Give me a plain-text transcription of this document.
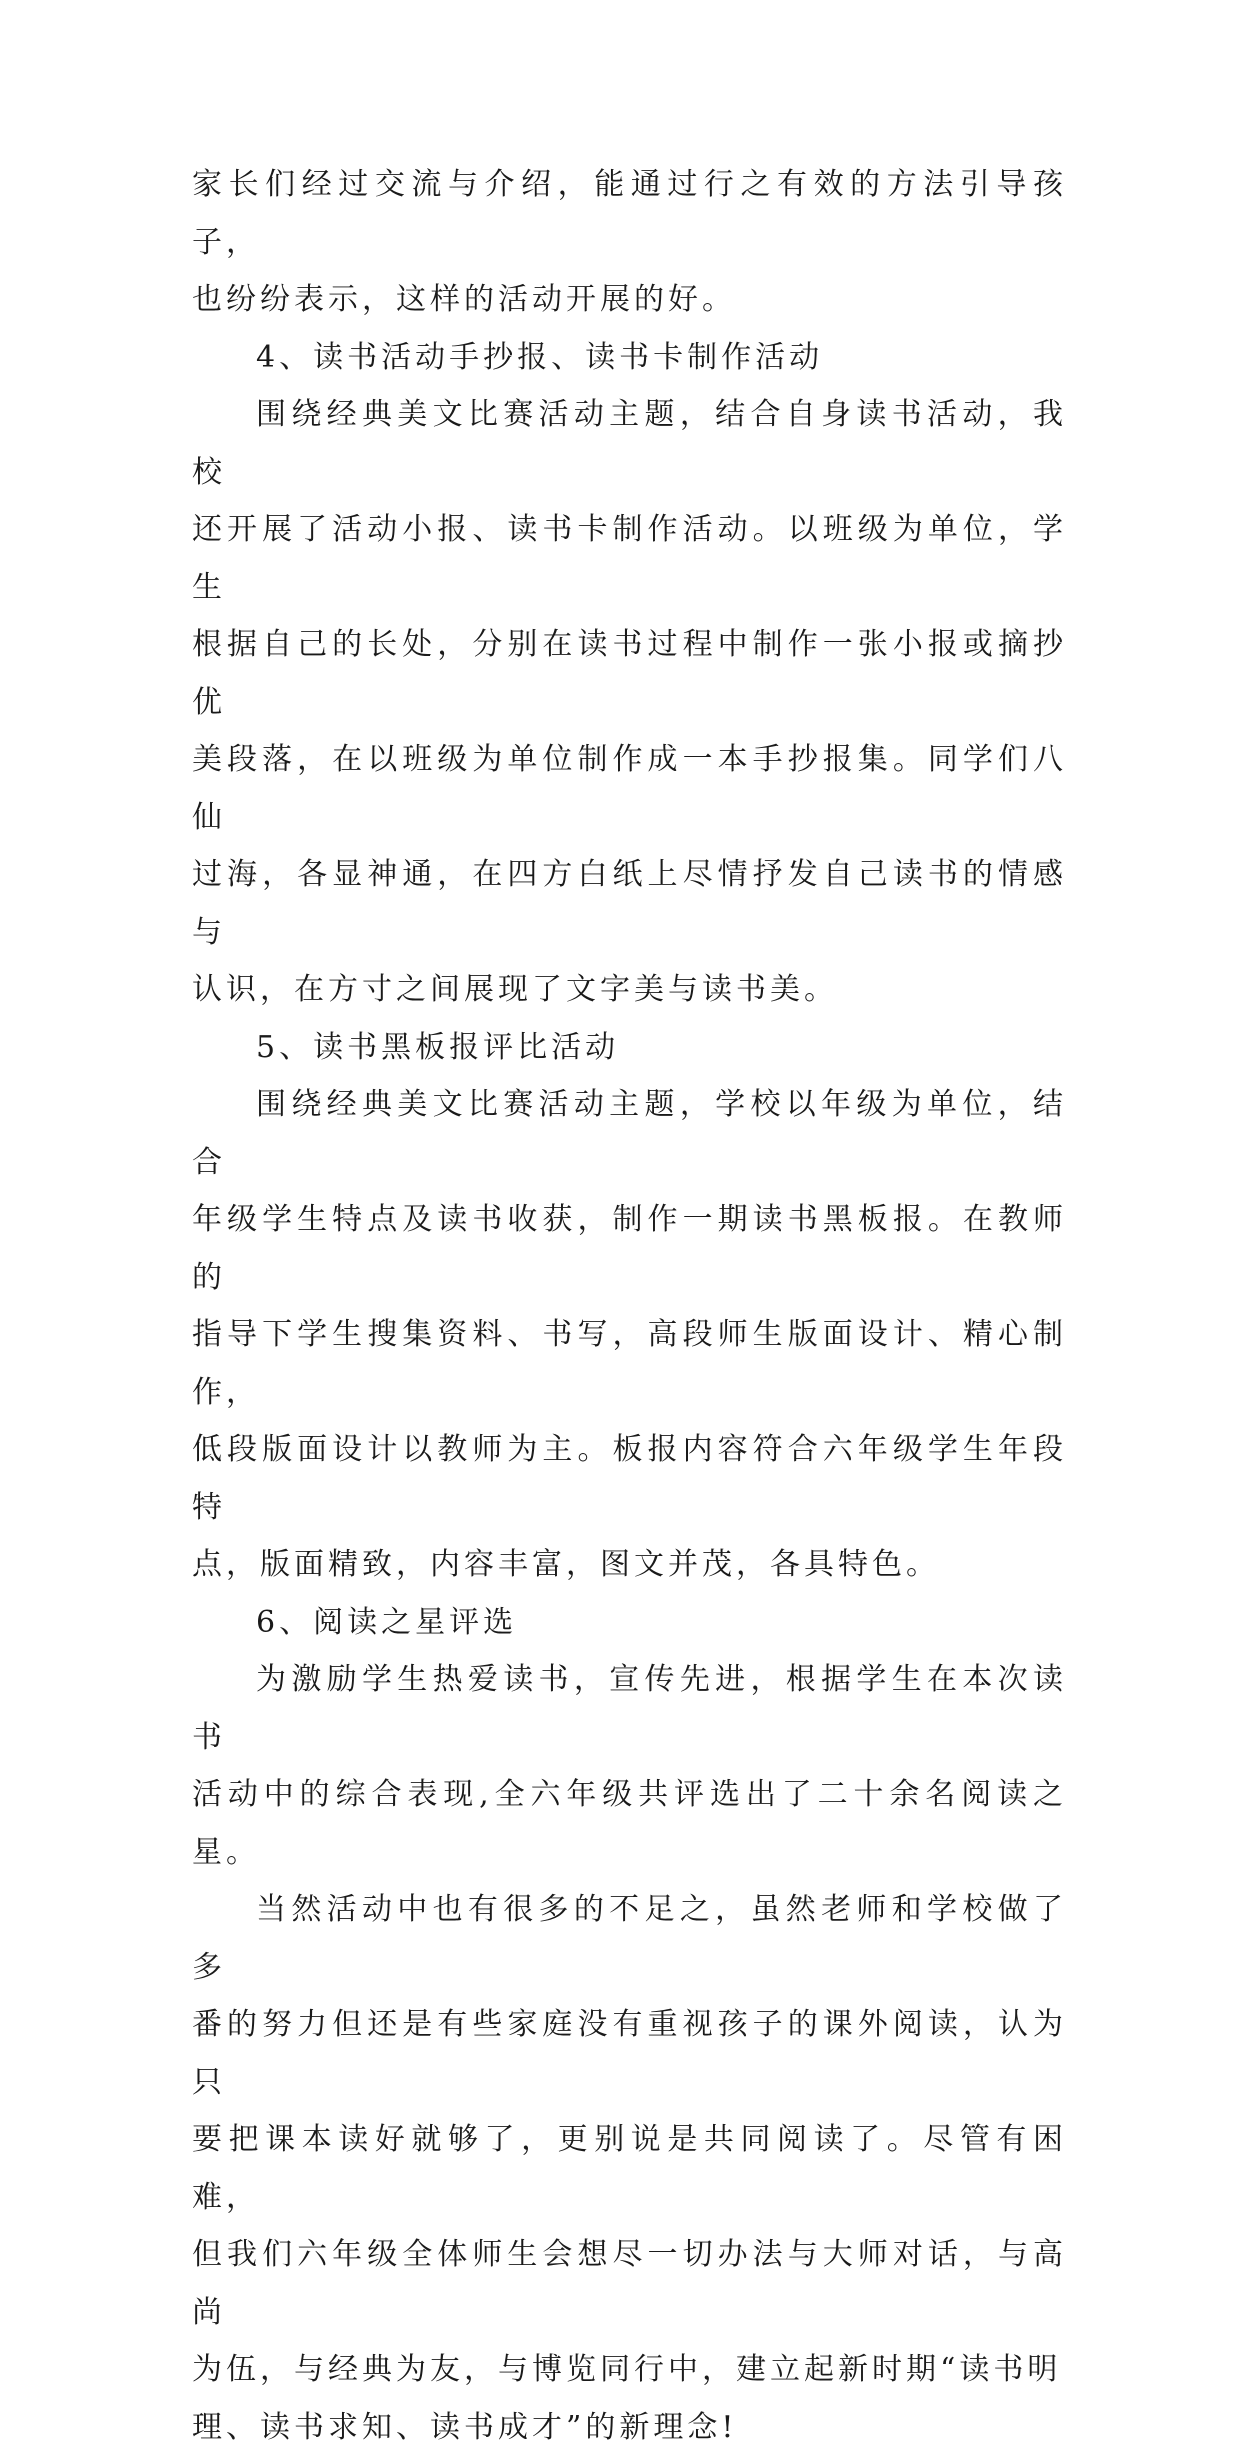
家长们经过交流与介绍，能通过行之有效的方法引导孩子，
也纷纷表示，这样的活动开展的好。

4、读书活动手抄报、读书卡制作活动

围绕经典美文比赛活动主题，结合自身读书活动，我校
还开展了活动小报、读书卡制作活动。以班级为单位，学生
根据自己的长处，分别在读书过程中制作一张小报或摘抄优
美段落，在以班级为单位制作成一本手抄报集。同学们八仙
过海，各显神通，在四方白纸上尽情抒发自己读书的情感与
认识，在方寸之间展现了文字美与读书美。

5、读书黑板报评比活动

围绕经典美文比赛活动主题，学校以年级为单位，结合
年级学生特点及读书收获，制作一期读书黑板报。在教师的
指导下学生搜集资料、书写，高段师生版面设计、精心制作，
低段版面设计以教师为主。板报内容符合六年级学生年段特
点，版面精致，内容丰富，图文并茂，各具特色。

6、阅读之星评选

为激励学生热爱读书，宣传先进，根据学生在本次读书
活动中的综合表现,全六年级共评选出了二十余名阅读之星。

当然活动中也有很多的不足之，虽然老师和学校做了多
番的努力但还是有些家庭没有重视孩子的课外阅读，认为只
要把课本读好就够了，更别说是共同阅读了。尽管有困难，
但我们六年级全体师生会想尽一切办法与大师对话，与高尚
为伍，与经典为友，与博览同行中，建立起新时期“读书明
理、读书求知、读书成才”的新理念!
